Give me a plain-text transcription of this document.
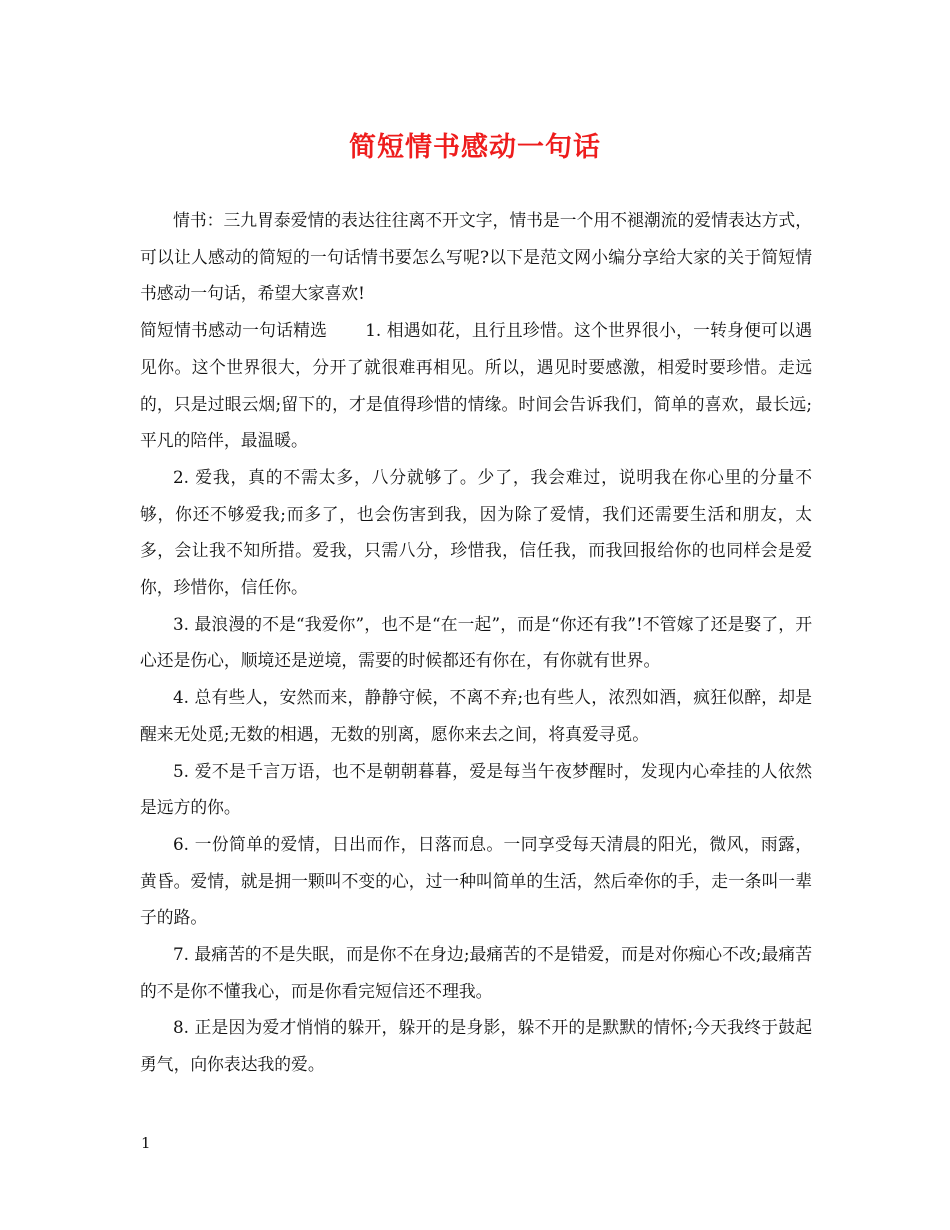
简短情书感动一句话

情书：三九胃泰爱情的表达往往离不开文字，情书是一个用不褪潮流的爱情表达方式，可以让人感动的简短的一句话情书要怎么写呢?以下是范文网小编分享给大家的关于简短情书感动一句话，希望大家喜欢!

简短情书感动一句话精选 1. 相遇如花，且行且珍惜。这个世界很小，一转身便可以遇见你。这个世界很大，分开了就很难再相见。所以，遇见时要感激，相爱时要珍惜。走远的，只是过眼云烟;留下的，才是值得珍惜的情缘。时间会告诉我们，简单的喜欢，最长远;平凡的陪伴，最温暖。

2. 爱我，真的不需太多，八分就够了。少了，我会难过，说明我在你心里的分量不够，你还不够爱我;而多了，也会伤害到我，因为除了爱情，我们还需要生活和朋友，太多，会让我不知所措。爱我，只需八分，珍惜我，信任我，而我回报给你的也同样会是爱你，珍惜你，信任你。

3. 最浪漫的不是“我爱你”，也不是“在一起”，而是“你还有我”!不管嫁了还是娶了，开心还是伤心，顺境还是逆境，需要的时候都还有你在，有你就有世界。

4. 总有些人，安然而来，静静守候，不离不弃;也有些人，浓烈如酒，疯狂似醉，却是醒来无处觅;无数的相遇，无数的别离，愿你来去之间，将真爱寻觅。

5. 爱不是千言万语，也不是朝朝暮暮，爱是每当午夜梦醒时，发现内心牵挂的人依然是远方的你。

6. 一份简单的爱情，日出而作，日落而息。一同享受每天清晨的阳光，微风，雨露，黄昏。爱情，就是拥一颗叫不变的心，过一种叫简单的生活，然后牵你的手，走一条叫一辈子的路。

7. 最痛苦的不是失眠，而是你不在身边;最痛苦的不是错爱，而是对你痴心不改;最痛苦的不是你不懂我心，而是你看完短信还不理我。

8. 正是因为爱才悄悄的躲开，躲开的是身影，躲不开的是默默的情怀;今天我终于鼓起勇气，向你表达我的爱。

1
